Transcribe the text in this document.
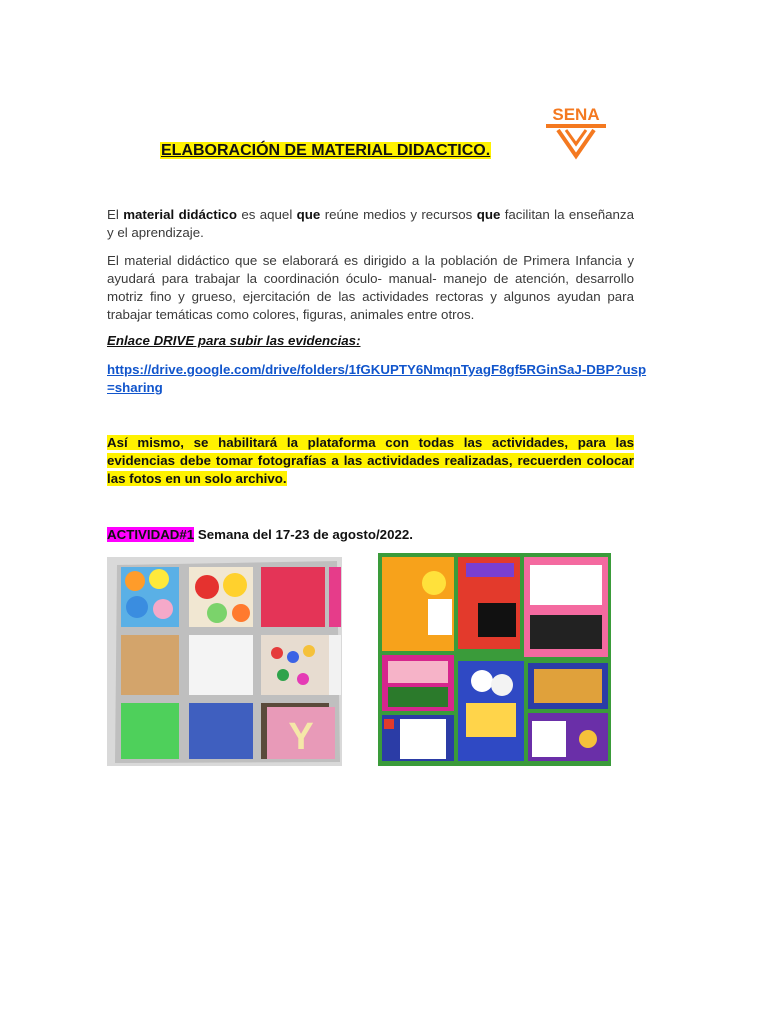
SENA
ELABORACIÓN DE MATERIAL DIDACTICO.
El material didáctico es aquel que reúne medios y recursos que facilitan la enseñanza y el aprendizaje.
El material didáctico que se elaborará es dirigido a la población de Primera Infancia y ayudará para trabajar la coordinación óculo- manual- manejo de atención, desarrollo motriz fino y grueso, ejercitación de las actividades rectoras y algunos ayudan para trabajar temáticas como colores, figuras, animales entre otros.
Enlace DRIVE para subir las evidencias:
https://drive.google.com/drive/folders/1fGKUPTY6NmqnTyagF8gf5RGinSaJ-DBP?usp=sharing
Así mismo, se habilitará la plataforma con todas las actividades, para las evidencias debe tomar fotografías a las actividades realizadas, recuerden colocar las fotos en un solo archivo.
ACTIVIDAD#1 Semana del 17-23 de agosto/2022.
Y
